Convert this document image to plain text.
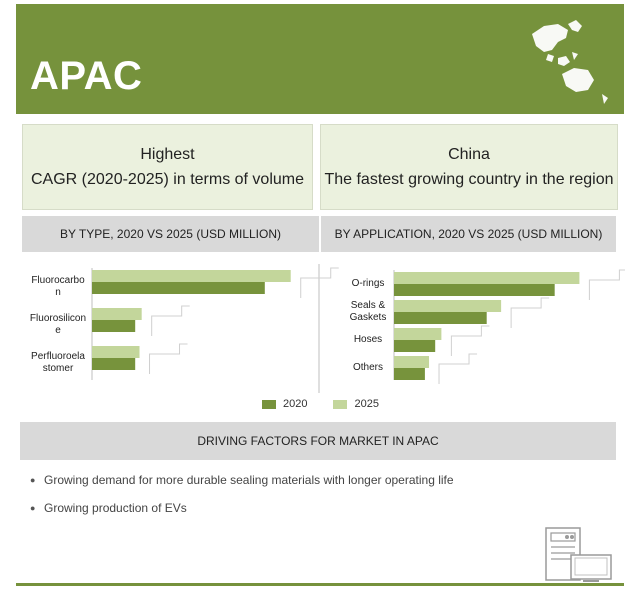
APAC
Highest
CAGR (2020-2025) in terms of volume
China
The fastest growing country in the region
BY TYPE, 2020 VS 2025 (USD MILLION)	BY APPLICATION, 2020 VS 2025 (USD MILLION)
Fluorocarbo
n
Fluorosilicon
e
Perfluoroela
stomer
O-rings
Seals &
Gaskets
Hoses
Others
2020	2025
DRIVING FACTORS FOR MARKET IN APAC
● Growing demand for more durable sealing materials with longer operating life
● Growing production of EVs
